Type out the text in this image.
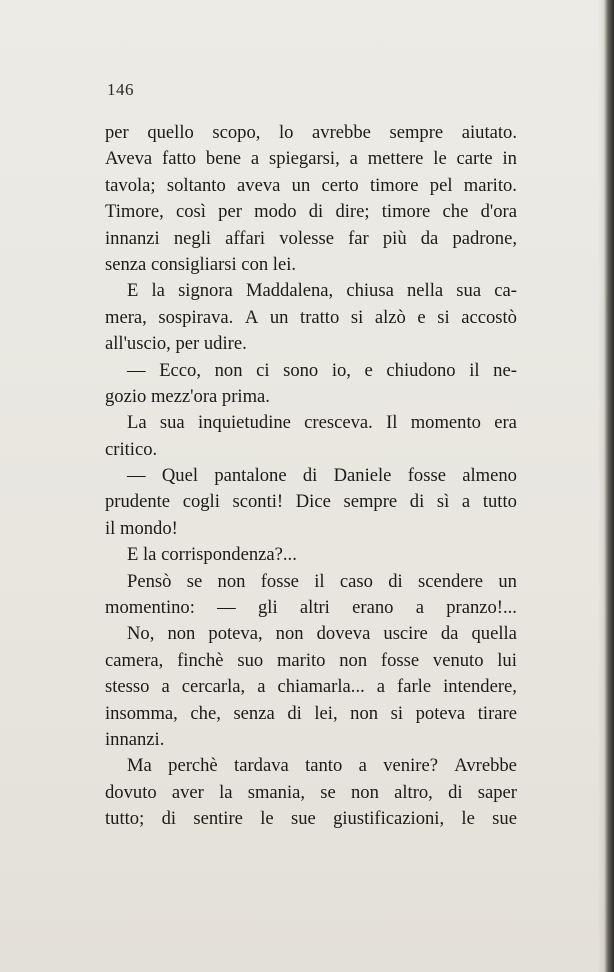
146
per quello scopo, lo avrebbe sempre aiutato.
Aveva fatto bene a spiegarsi, a mettere le carte in
tavola; soltanto aveva un certo timore pel marito.
Timore, così per modo di dire; timore che d'ora
innanzi negli affari volesse far più da padrone,
senza consigliarsi con lei.
E la signora Maddalena, chiusa nella sua ca-
mera, sospirava. A un tratto si alzò e si accostò
all'uscio, per udire.
— Ecco, non ci sono io, e chiudono il ne-
gozio mezz'ora prima.
La sua inquietudine cresceva. Il momento era
critico.
— Quel pantalone di Daniele fosse almeno
prudente cogli sconti! Dice sempre di sì a tutto
il mondo!
E la corrispondenza?...
Pensò se non fosse il caso di scendere un
momentino: — gli altri erano a pranzo!...
No, non poteva, non doveva uscire da quella
camera, finchè suo marito non fosse venuto lui
stesso a cercarla, a chiamarla... a farle intendere,
insomma, che, senza di lei, non si poteva tirare
innanzi.
Ma perchè tardava tanto a venire? Avrebbe
dovuto aver la smania, se non altro, di saper
tutto; di sentire le sue giustificazioni, le sue
